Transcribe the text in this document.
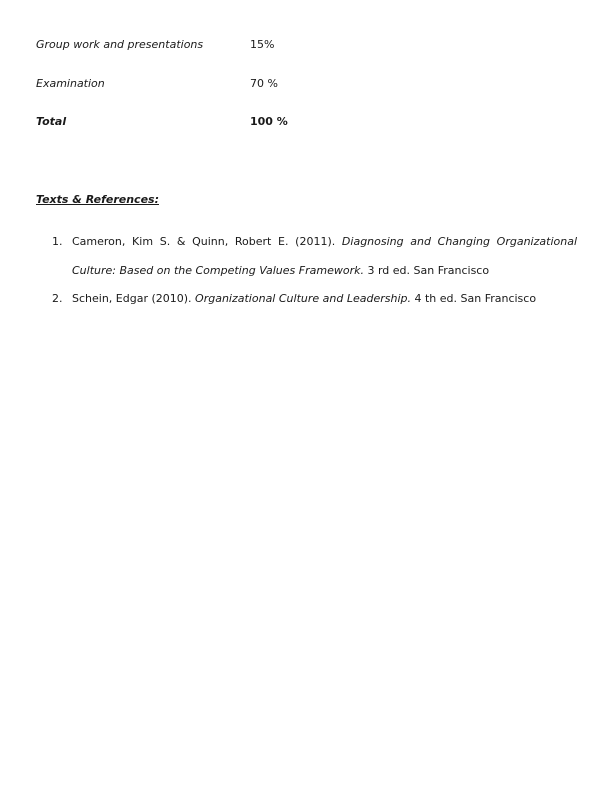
Group work and presentations	15%
Examination	70 %
Total	100 %
Texts & References:
1. Cameron, Kim S. & Quinn, Robert E. (2011). Diagnosing and Changing Organizational Culture: Based on the Competing Values Framework. 3 rd ed. San Francisco
2. Schein, Edgar (2010). Organizational Culture and Leadership. 4 th ed. San Francisco
